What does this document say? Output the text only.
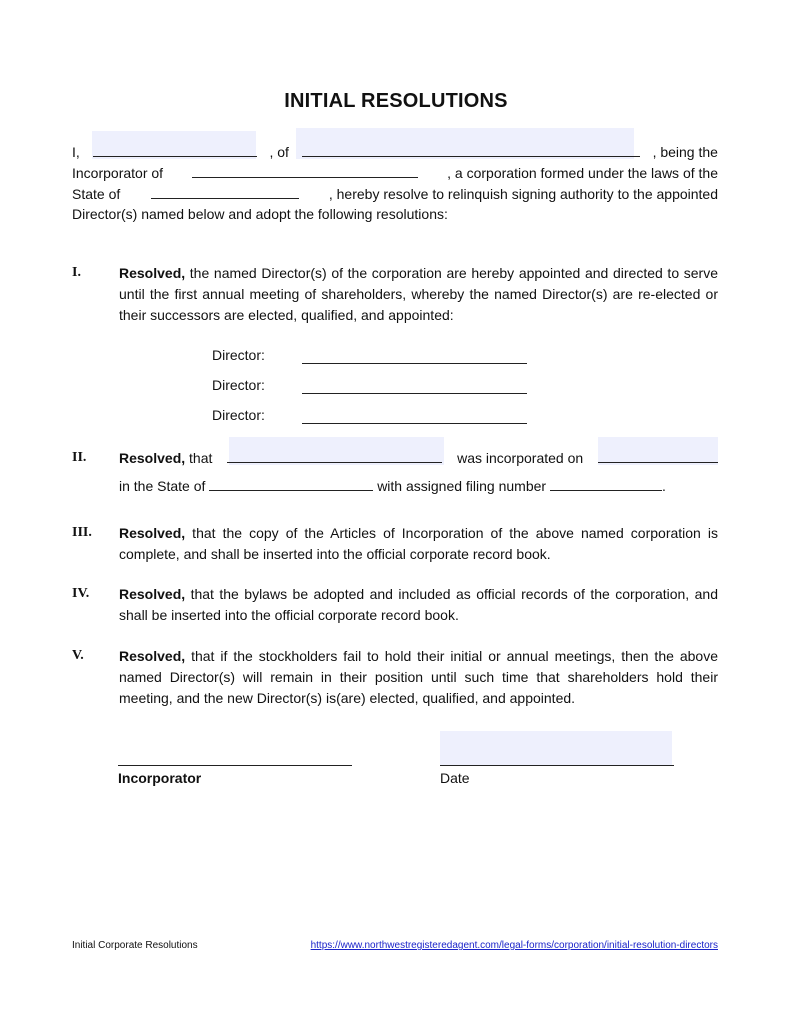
INITIAL RESOLUTIONS
I,	, of	, being the
Incorporator of	, a corporation formed under the laws of the
State of	, hereby resolve to relinquish signing authority to the appointed
Director(s) named below and adopt the following resolutions:
I.	Resolved, the named Director(s) of the corporation are hereby appointed and directed to serve until the first annual meeting of shareholders, whereby the named Director(s) are re-elected or their successors are elected, qualified, and appointed:
Director:
Director:
Director:
II. Resolved, that	was incorporated on
in the State of	with assigned filing number	.
III. Resolved, that the copy of the Articles of Incorporation of the above named corporation is complete, and shall be inserted into the official corporate record book.
IV. Resolved, that the bylaws be adopted and included as official records of the corporation, and shall be inserted into the official corporate record book.
V.	Resolved, that if the stockholders fail to hold their initial or annual meetings, then the above named Director(s) will remain in their position until such time that shareholders hold their meeting, and the new Director(s) is(are) elected, qualified, and appointed.
Incorporator	Date
Initial Corporate Resolutions	https://www.northwestregisteredagent.com/legal-forms/corporation/initial-resolution-directors
